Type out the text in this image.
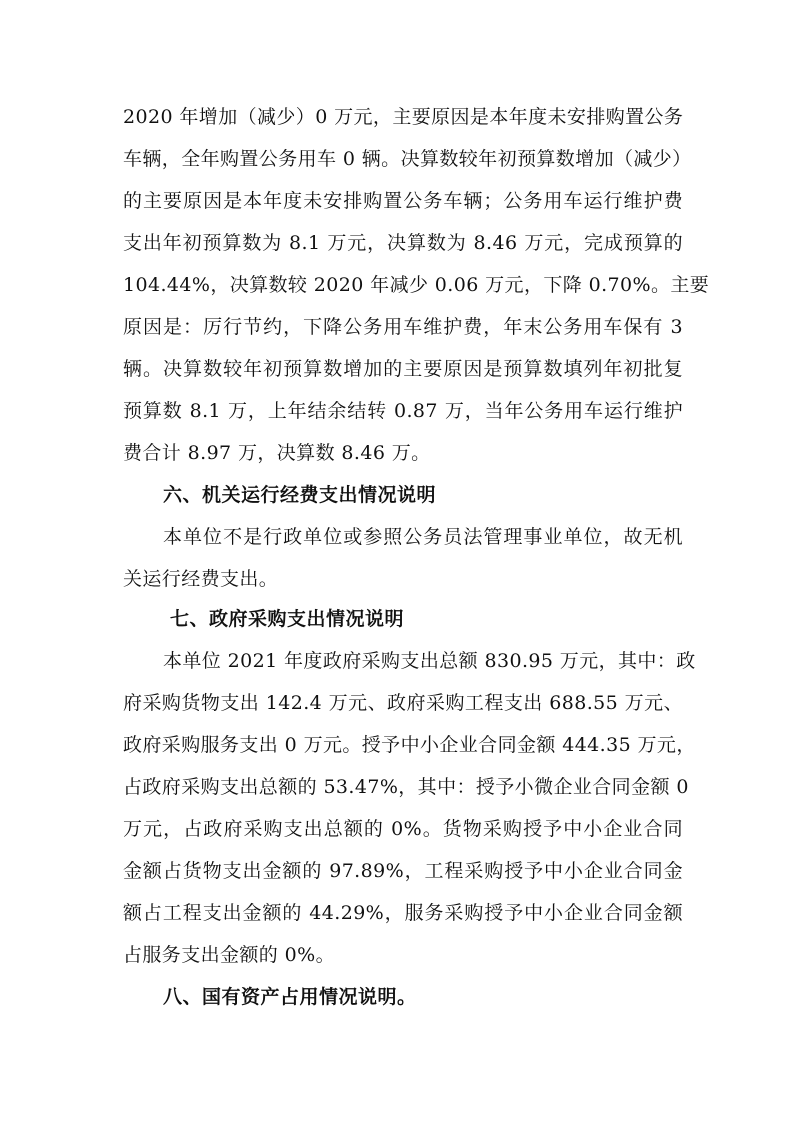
2020 年增加（减少）0 万元，主要原因是本年度未安排购置公务
车辆，全年购置公务用车 0 辆。决算数较年初预算数增加（减少）
的主要原因是本年度未安排购置公务车辆；公务用车运行维护费
支出年初预算数为 8.1 万元，决算数为 8.46 万元，完成预算的
104.44%，决算数较 2020 年减少 0.06 万元，下降 0.70%。主要
原因是：厉行节约，下降公务用车维护费，年末公务用车保有 3
辆。决算数较年初预算数增加的主要原因是预算数填列年初批复
预算数 8.1 万，上年结余结转 0.87 万，当年公务用车运行维护
费合计 8.97 万，决算数 8.46 万。
六、机关运行经费支出情况说明
本单位不是行政单位或参照公务员法管理事业单位，故无机
关运行经费支出。
七、政府采购支出情况说明
本单位 2021 年度政府采购支出总额 830.95 万元，其中：政
府采购货物支出 142.4 万元、政府采购工程支出 688.55 万元、
政府采购服务支出 0 万元。授予中小企业合同金额 444.35 万元，
占政府采购支出总额的 53.47%，其中：授予小微企业合同金额 0
万元，占政府采购支出总额的 0%。货物采购授予中小企业合同
金额占货物支出金额的 97.89%，工程采购授予中小企业合同金
额占工程支出金额的 44.29%，服务采购授予中小企业合同金额
占服务支出金额的 0%。
八、国有资产占用情况说明。
